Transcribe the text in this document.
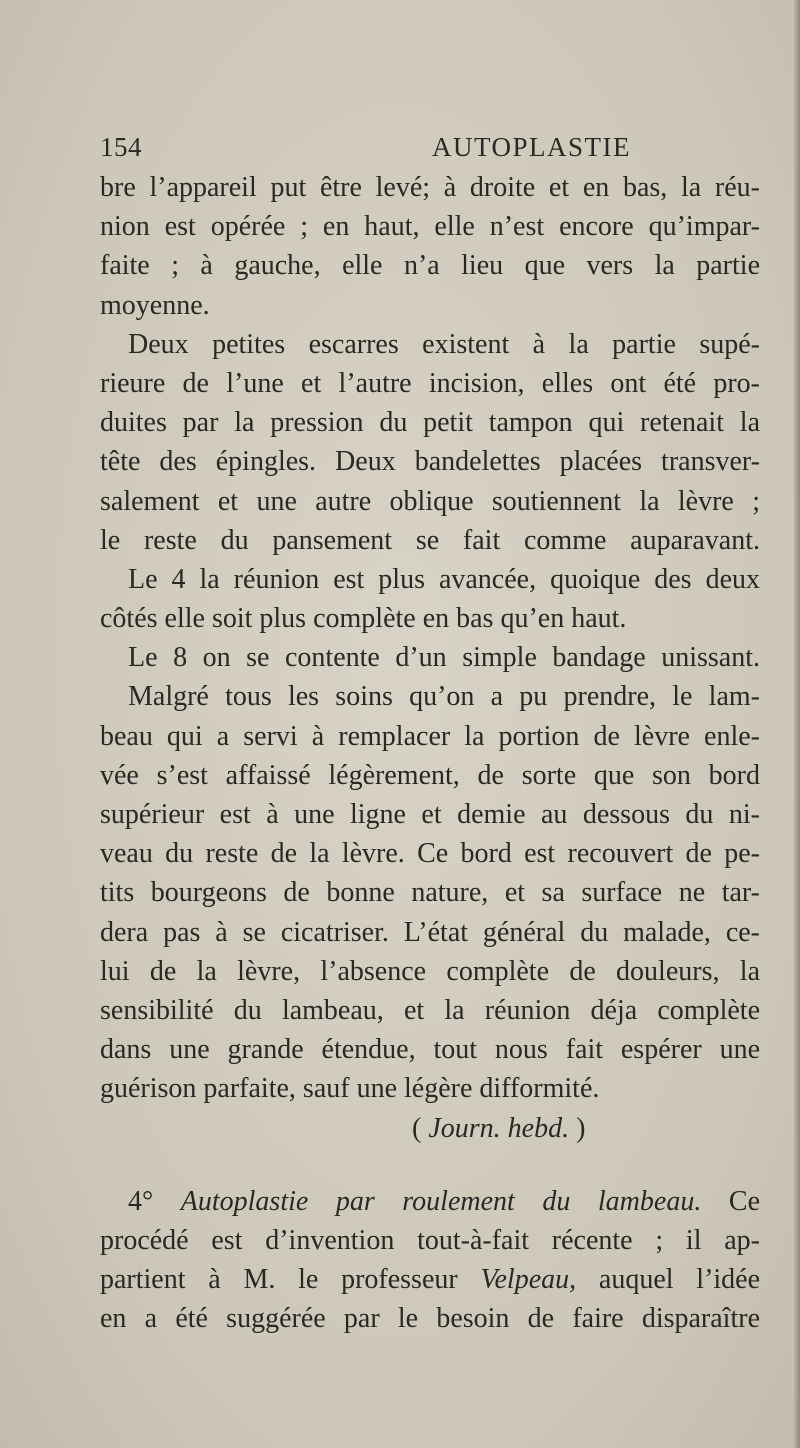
154	AUTOPLASTIE
bre l’appareil put être levé; à droite et en bas, la réu-
nion est opérée ; en haut, elle n’est encore qu’impar-
faite ; à gauche, elle n’a lieu que vers la partie
moyenne.
Deux petites escarres existent à la partie supé-
rieure de l’une et l’autre incision, elles ont été pro-
duites par la pression du petit tampon qui retenait la
tête des épingles. Deux bandelettes placées transver-
salement et une autre oblique soutiennent la lèvre ;
le reste du pansement se fait comme auparavant.
Le 4 la réunion est plus avancée, quoique des deux
côtés elle soit plus complète en bas qu’en haut.
Le 8 on se contente d’un simple bandage unissant.
Malgré tous les soins qu’on a pu prendre, le lam-
beau qui a servi à remplacer la portion de lèvre enle-
vée s’est affaissé légèrement, de sorte que son bord
supérieur est à une ligne et demie au dessous du ni-
veau du reste de la lèvre. Ce bord est recouvert de pe-
tits bourgeons de bonne nature, et sa surface ne tar-
dera pas à se cicatriser. L’état général du malade, ce-
lui de la lèvre, l’absence complète de douleurs, la
sensibilité du lambeau, et la réunion déja complète
dans une grande étendue, tout nous fait espérer une
guérison parfaite, sauf une légère difformité.
( Journ. hebd. )
4° Autoplastie par roulement du lambeau. Ce
procédé est d’invention tout-à-fait récente ; il ap-
partient à M. le professeur Velpeau, auquel l’idée
en a été suggérée par le besoin de faire disparaître
